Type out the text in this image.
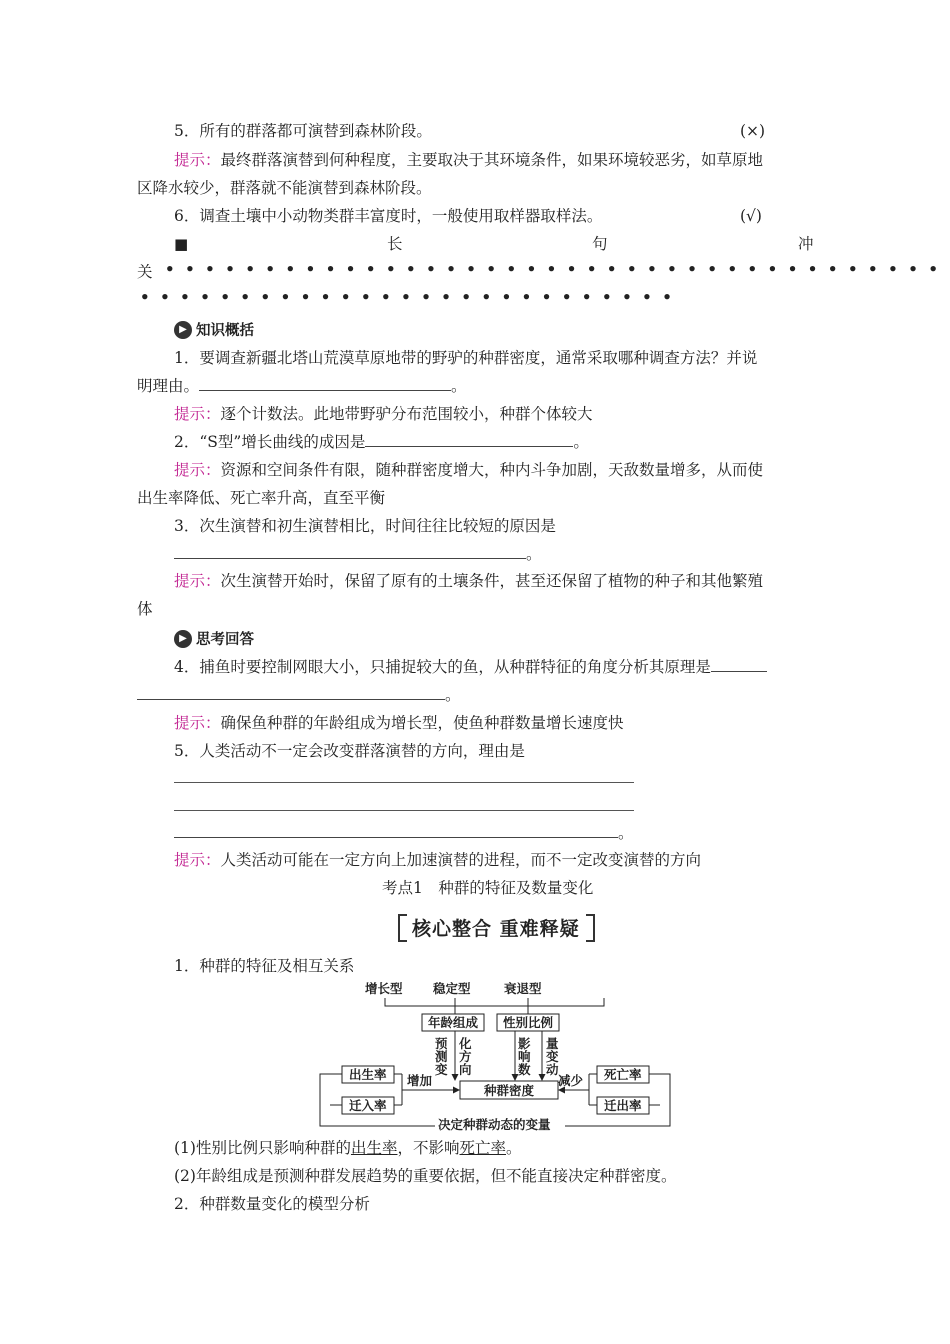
5．所有的群落都可演替到森林阶段。	(×)
提示：最终群落演替到何种程度，主要取决于其环境条件，如果环境较恶劣，如草原地
区降水较少，群落就不能演替到森林阶段。
6．调查土壤中小动物类群丰富度时，一般使用取样器取样法。	(√)
■	长	句	冲
关 •••••••••••••••••••••••••••••••••••••••
•••••••••••••••••••••••••••
▶ 知识概括
1．要调查新疆北塔山荒漠草原地带的野驴的种群密度，通常采取哪种调查方法？并说
明理由。	。
提示：逐个计数法。此地带野驴分布范围较小，种群个体较大
2．“S型”增长曲线的成因是	。
提示：资源和空间条件有限，随种群密度增大，种内斗争加剧，天敌数量增多，从而使
出生率降低、死亡率升高，直至平衡
3．次生演替和初生演替相比，时间往往比较短的原因是
。
提示：次生演替开始时，保留了原有的土壤条件，甚至还保留了植物的种子和其他繁殖
体
▶ 思考回答
4．捕鱼时要控制网眼大小，只捕捉较大的鱼，从种群特征的角度分析其原理是
。
提示：确保鱼种群的年龄组成为增长型，使鱼种群数量增长速度快
5．人类活动不一定会改变群落演替的方向，理由是
。
提示：人类活动可能在一定方向上加速演替的进程，而不一定改变演替的方向
考点1　种群的特征及数量变化
核心整合 重难释疑
1．种群的特征及相互关系
增长型 稳定型	衰退型
年龄组成 性别比例
预
测
变
化
方
向
影
响
数
量
变
动
出生率
迁入率
死亡率
迁出率
增加	减少
种群密度
决定种群动态的变量
(1)性别比例只影响种群的出生率，不影响死亡率。
(2)年龄组成是预测种群发展趋势的重要依据，但不能直接决定种群密度。
2．种群数量变化的模型分析
